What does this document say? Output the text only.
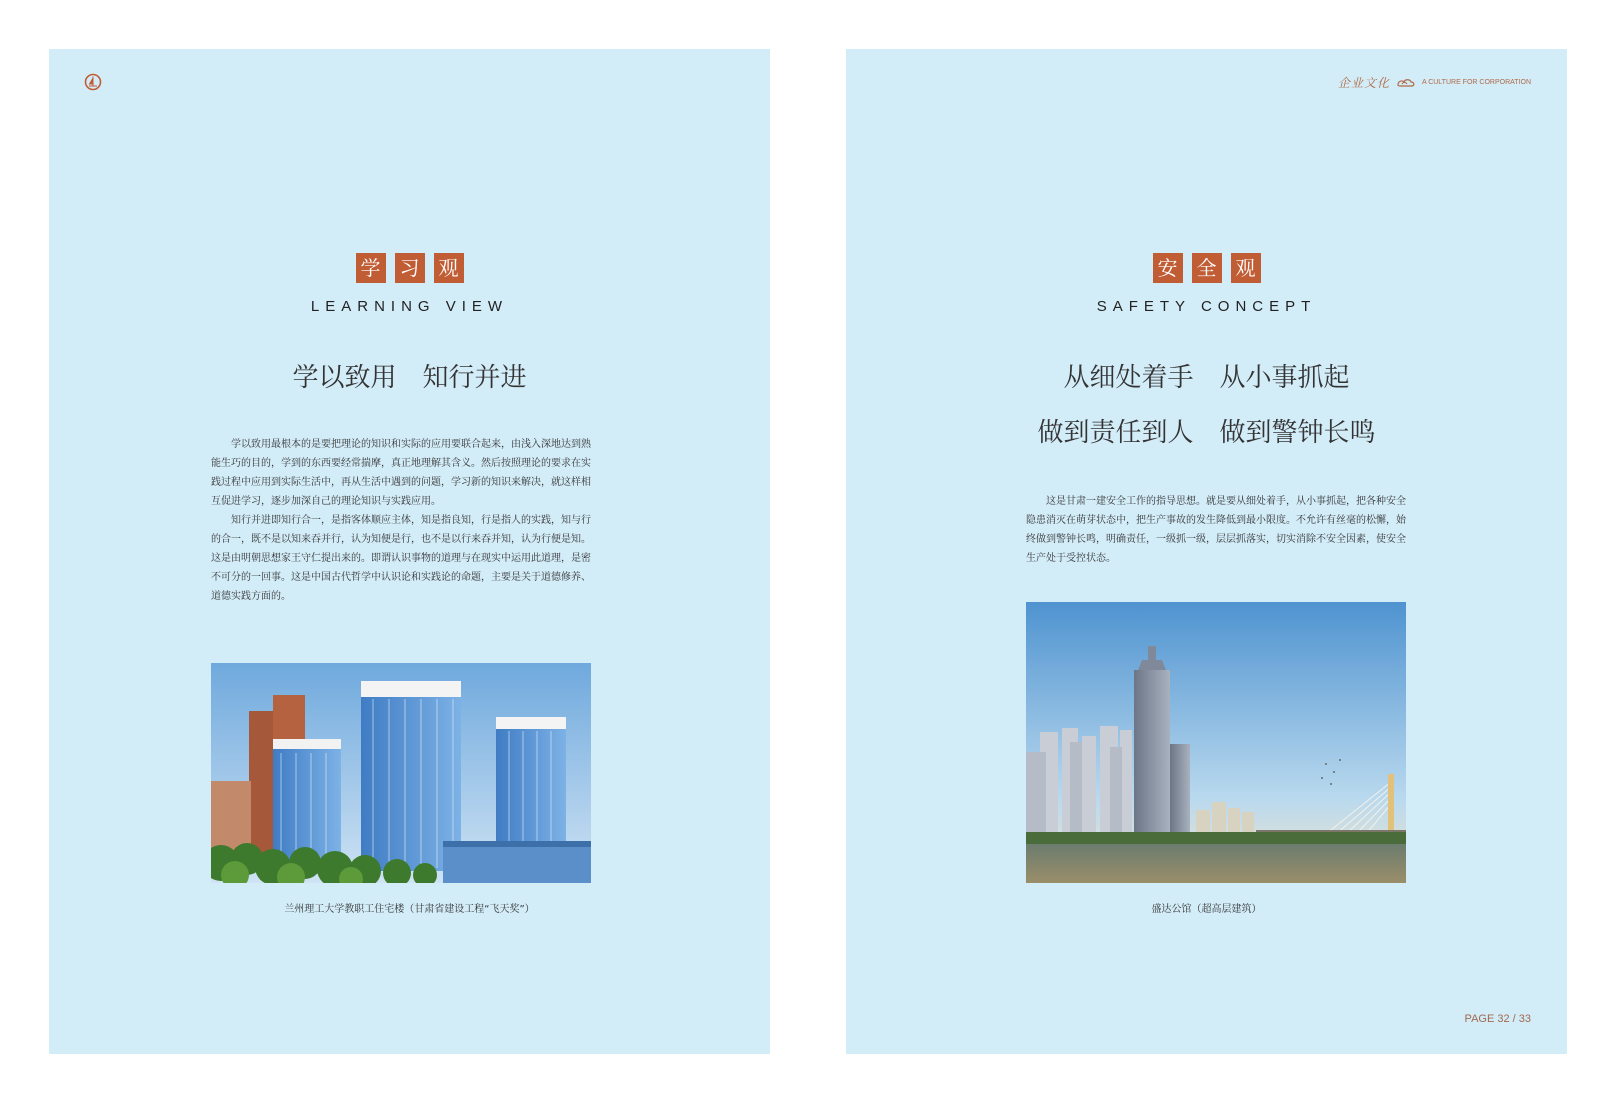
学 习 观
LEARNING VIEW
学以致用　知行并进

学以致用最根本的是要把理论的知识和实际的应用要联合起来，由浅入深地达到熟能生巧的目的，学到的东西要经常揣摩，真正地理解其含义。然后按照理论的要求在实践过程中应用到实际生活中，再从生活中遇到的问题，学习新的知识来解决，就这样相互促进学习，逐步加深自己的理论知识与实践应用。

知行并进即知行合一，是指客体顺应主体，知是指良知，行是指人的实践，知与行的合一，既不是以知来吞并行，认为知便是行，也不是以行来吞并知，认为行便是知。这是由明朝思想家王守仁提出来的。即谓认识事物的道理与在现实中运用此道理，是密不可分的一回事。这是中国古代哲学中认识论和实践论的命题，主要是关于道德修养、道德实践方面的。

兰州理工大学教职工住宅楼（甘肃省建设工程“飞天奖”）
企业文化	A CULTURE FOR CORPORATION
安 全 观
SAFETY CONCEPT
从细处着手　从小事抓起
做到责任到人　做到警钟长鸣

这是甘肃一建安全工作的指导思想。就是要从细处着手，从小事抓起，把各种安全隐患消灭在萌芽状态中，把生产事故的发生降低到最小限度。不允许有丝毫的松懈，始终做到警钟长鸣，明确责任，一级抓一级，层层抓落实，切实消除不安全因素，使安全生产处于受控状态。

盛达公馆（超高层建筑）
PAGE 32 / 33
